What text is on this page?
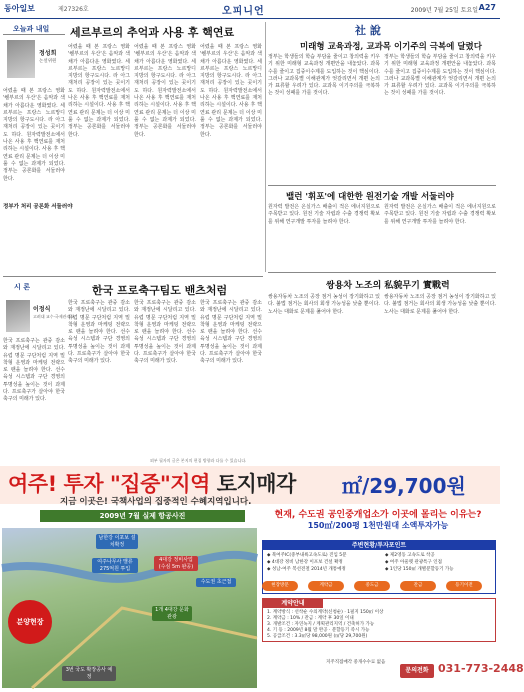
동아일보	제27326호	오피니언	2009년 7월 25일 토요일 A27
오늘과 내일
정성희
논설위원
세르부르의 추억과 사용 후 핵연료
어렸을 때 본 프랑스 영화 '쉘부르의 우산'은 음악과 색채가 아름다운 영화였다. 세르부르는 프랑스 노르망디 지방의 항구도시다. 라 아그 재처리 공장이 있는 곳이기도 하다. 원자력발전소에서 나온 사용 후 핵연료를 재처리하는 시설이다. 사용 후 핵연료 관리 문제는 더 이상 미룰 수 없는 과제가 되었다. 정부는 공론화를 서둘러야 한다.
정부가 처리 공론화 서둘러야
어렸을 때 본 프랑스 영화 '쉘부르의 우산'은 음악과 색채가 아름다운 영화였다. 세르부르는 프랑스 노르망디 지방의 항구도시다. 라 아그 재처리 공장이 있는 곳이기도 하다. 원자력발전소에서 나온 사용 후 핵연료를 재처리하는 시설이다. 사용 후 핵연료 관리 문제는 더 이상 미룰 수 없는 과제가 되었다. 정부는 공론화를 서둘러야 한다.
어렸을 때 본 프랑스 영화 '쉘부르의 우산'은 음악과 색채가 아름다운 영화였다. 세르부르는 프랑스 노르망디 지방의 항구도시다. 라 아그 재처리 공장이 있는 곳이기도 하다. 원자력발전소에서 나온 사용 후 핵연료를 재처리하는 시설이다. 사용 후 핵연료 관리 문제는 더 이상 미룰 수 없는 과제가 되었다. 정부는 공론화를 서둘러야 한다.
어렸을 때 본 프랑스 영화 '쉘부르의 우산'은 음악과 색채가 아름다운 영화였다. 세르부르는 프랑스 노르망디 지방의 항구도시다. 라 아그 재처리 공장이 있는 곳이기도 하다. 원자력발전소에서 나온 사용 후 핵연료를 재처리하는 시설이다. 사용 후 핵연료 관리 문제는 더 이상 미룰 수 없는 과제가 되었다. 정부는 공론화를 서둘러야 한다.
社 說
미래형 교육과정, 교과목 이기주의 극복에 달렸다
정부는 학생들의 학습 부담을 줄이고 창의력을 키우기 위한 미래형 교육과정 개편안을 내놓았다. 과목 수를 줄이고 집중이수제를 도입하는 것이 핵심이다. 그러나 교과목별 이해관계가 엇갈리면서 개편 논의가 표류할 우려가 있다. 교과목 이기주의를 극복하는 것이 성패를 가를 것이다.
정부는 학생들의 학습 부담을 줄이고 창의력을 키우기 위한 미래형 교육과정 개편안을 내놓았다. 과목 수를 줄이고 집중이수제를 도입하는 것이 핵심이다. 그러나 교과목별 이해관계가 엇갈리면서 개편 논의가 표류할 우려가 있다. 교과목 이기주의를 극복하는 것이 성패를 가를 것이다.
밸런 '휘포'에 대한한 원전기술 개발 서둘러야
원자력 발전은 온실가스 배출이 적은 에너지원으로 주목받고 있다. 원전 기술 자립과 수출 경쟁력 확보를 위해 연구개발 투자를 늘려야 한다.
원자력 발전은 온실가스 배출이 적은 에너지원으로 주목받고 있다. 원전 기술 자립과 수출 경쟁력 확보를 위해 연구개발 투자를 늘려야 한다.
쌍용차 노조의 私貌무기 實戰력
쌍용자동차 노조의 공장 점거 농성이 장기화하고 있다. 불법 점거는 회사의 회생 가능성을 낮출 뿐이다. 노사는 대화로 문제를 풀어야 한다.
쌍용자동차 노조의 공장 점거 농성이 장기화하고 있다. 불법 점거는 회사의 회생 가능성을 낮출 뿐이다. 노사는 대화로 문제를 풀어야 한다.
시 론	한국 프로축구팀도 밴츠처럼
이정식
고려대 교수·국제관계학
한국 프로축구는 관중 감소와 재정난에 시달리고 있다. 유럽 명문 구단처럼 지역 밀착형 운영과 마케팅 전략으로 팬을 늘려야 한다. 선수 육성 시스템과 구단 경영의 투명성을 높이는 것이 과제다. 프로축구가 살아야 한국 축구의 미래가 있다.
한국 프로축구는 관중 감소와 재정난에 시달리고 있다. 유럽 명문 구단처럼 지역 밀착형 운영과 마케팅 전략으로 팬을 늘려야 한다. 선수 육성 시스템과 구단 경영의 투명성을 높이는 것이 과제다. 프로축구가 살아야 한국 축구의 미래가 있다.
한국 프로축구는 관중 감소와 재정난에 시달리고 있다. 유럽 명문 구단처럼 지역 밀착형 운영과 마케팅 전략으로 팬을 늘려야 한다. 선수 육성 시스템과 구단 경영의 투명성을 높이는 것이 과제다. 프로축구가 살아야 한국 축구의 미래가 있다.
한국 프로축구는 관중 감소와 재정난에 시달리고 있다. 유럽 명문 구단처럼 지역 밀착형 운영과 마케팅 전략으로 팬을 늘려야 한다. 선수 육성 시스템과 구단 경영의 투명성을 높이는 것이 과제다. 프로축구가 살아야 한국 축구의 미래가 있다.
외부 필자의 글은 본지의 편집 방향과 다를 수 있습니다.
여주! 투자 "집중"지역 토지매각 ㎡/29,700원
지금 이곳은! 국책사업의 집중적인 수혜지역입니다.
2009년 7월 실제 항공사진
남한강 이포보 설치확정
여주나무사 밸류 275억원 투입
4대강 정비사업 (수심 5m 완공)
수도권 초근접
분양현장
1개 4대강 문화관광
3번 국도 확장공사 예정
현재, 수도권 공인중개업소가 이곳에 몰리는 이유는?
150㎡/200평 1천만원대 소액투자가능
주변현황/투자포인트
◆ 북여주IC(중부내륙고속도로) 진입 5분
◆ 4대강 정비 남한강 이포보 건설 확정
◆ 성남-여주 복선전철 2014년 개통예정
◆ 제2영동 고속도로 착공
◆ 여주 아울렛 관광특구 인접
◆ 1인당 150㎡ 개별분할등기 가능
현장방문	계약금	중도금	잔금	등기이전
계약안내
1. 계약방식 : 선착순 수의계약(신청순) · 1필지 150㎡ 이상
2. 계약금 : 10% / 잔금 : 계약 후 30일 이내
3. 개발조건 : 자연녹지 / 계획관리지역 / 건축허가 가능
4. 기 등 : 2009년 8월 말 완공 · 분할등기 즉시 가능
5. 공급조건 : 3.3㎡당 98,000원 (㎡당 29,700원)
지주직접매각 중개수수료 없음
문의전화 031-773-2448
